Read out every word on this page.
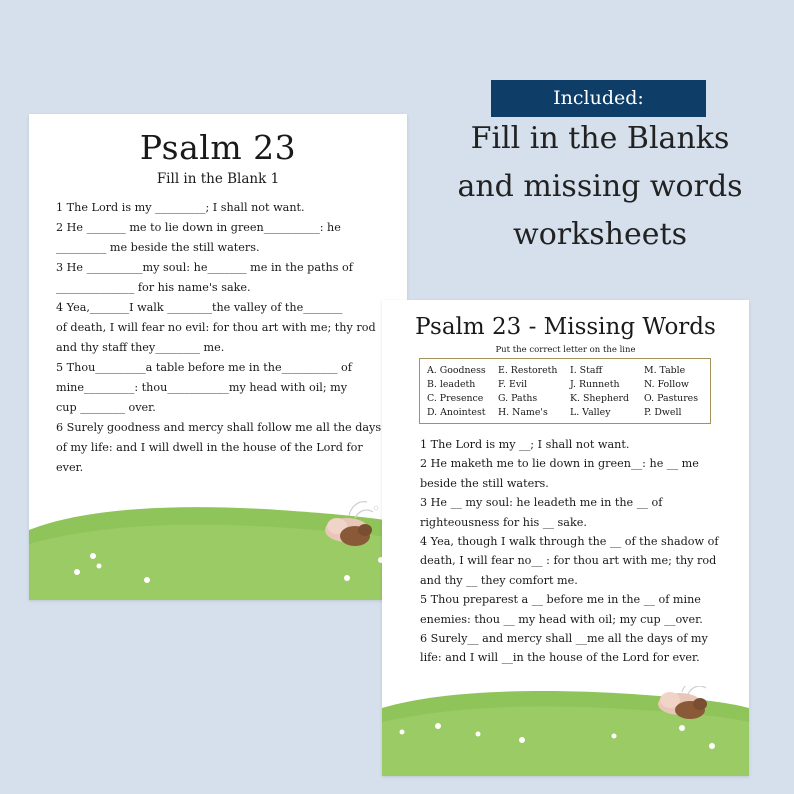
Psalm 23
Fill in the Blank 1
1 The Lord is my _________; I shall not want.
2 He _______ me to lie down in green__________: he
_________ me beside the still waters.
3 He __________my soul: he_______ me in the paths of
______________ for his name's sake.
4 Yea,_______I walk ________the valley of the_______
of death, I will fear no evil: for thou art with me; thy rod
and thy staff they________ me.
5 Thou_________a table before me in the__________ of
mine_________: thou___________my head with oil; my
cup ________ over.
6 Surely goodness and mercy shall follow me all the days
of my life: and I will dwell in the house of the Lord for
ever.
Included:
Fill in the Blanks
and missing words
worksheets
Psalm 23 - Missing Words
Put the correct letter on the line
A. Goodness
B. leadeth
C. Presence
D. Anointest
E. Restoreth
F. Evil
G. Paths
H. Name's
I. Staff
J. Runneth
K. Shepherd
L. Valley
M. Table
N. Follow
O. Pastures
P. Dwell
1 The Lord is my __; I shall not want.
2 He maketh me to lie down in green__: he __ me
beside the still waters.
3 He __ my soul: he leadeth me in the __ of
righteousness for his __ sake.
4 Yea, though I walk through the __ of the shadow of
death, I will fear no__ : for thou art with me; thy rod
and thy __ they comfort me.
5 Thou preparest a __ before me in the __ of mine
enemies: thou __ my head with oil; my cup __over.
6 Surely__ and mercy shall __me all the days of my
life: and I will __in the house of the Lord for ever.
